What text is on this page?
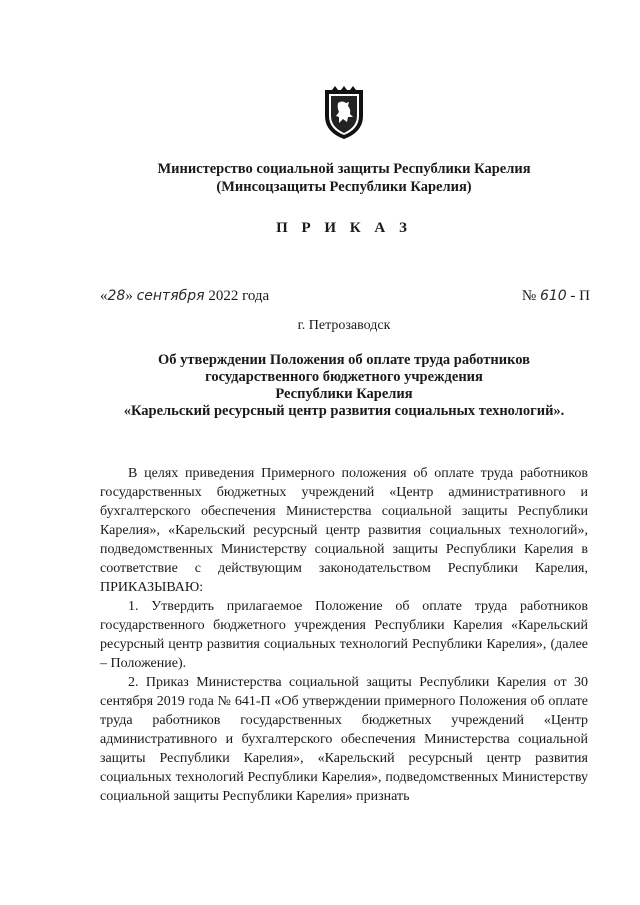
Министерство социальной защиты Республики Карелия
(Минсоцзащиты Республики Карелия)
П Р И К А З
«28» сентября 2022 года	№ 610 - П
г. Петрозаводск
Об утверждении Положения об оплате труда работников
государственного бюджетного учреждения
Республики Карелия
«Карельский ресурсный центр развития социальных технологий».

В целях приведения Примерного положения об оплате труда работников государственных бюджетных учреждений «Центр административного и бухгалтерского обеспечения Министерства социальной защиты Республики Карелия», «Карельский ресурсный центр развития социальных технологий», подведомственных Министерству социальной защиты Республики Карелия в соответствие с действующим законодательством Республики Карелия, ПРИКАЗЫВАЮ:

1. Утвердить прилагаемое Положение об оплате труда работников государственного бюджетного учреждения Республики Карелия «Карельский ресурсный центр развития социальных технологий Республики Карелия», (далее – Положение).

2. Приказ Министерства социальной защиты Республики Карелия от 30 сентября 2019 года № 641-П «Об утверждении примерного Положения об оплате труда работников государственных бюджетных учреждений «Центр административного и бухгалтерского обеспечения Министерства социальной защиты Республики Карелия», «Карельский ресурсный центр развития социальных технологий Республики Карелия», подведомственных Министерству социальной защиты Республики Карелия» признать
